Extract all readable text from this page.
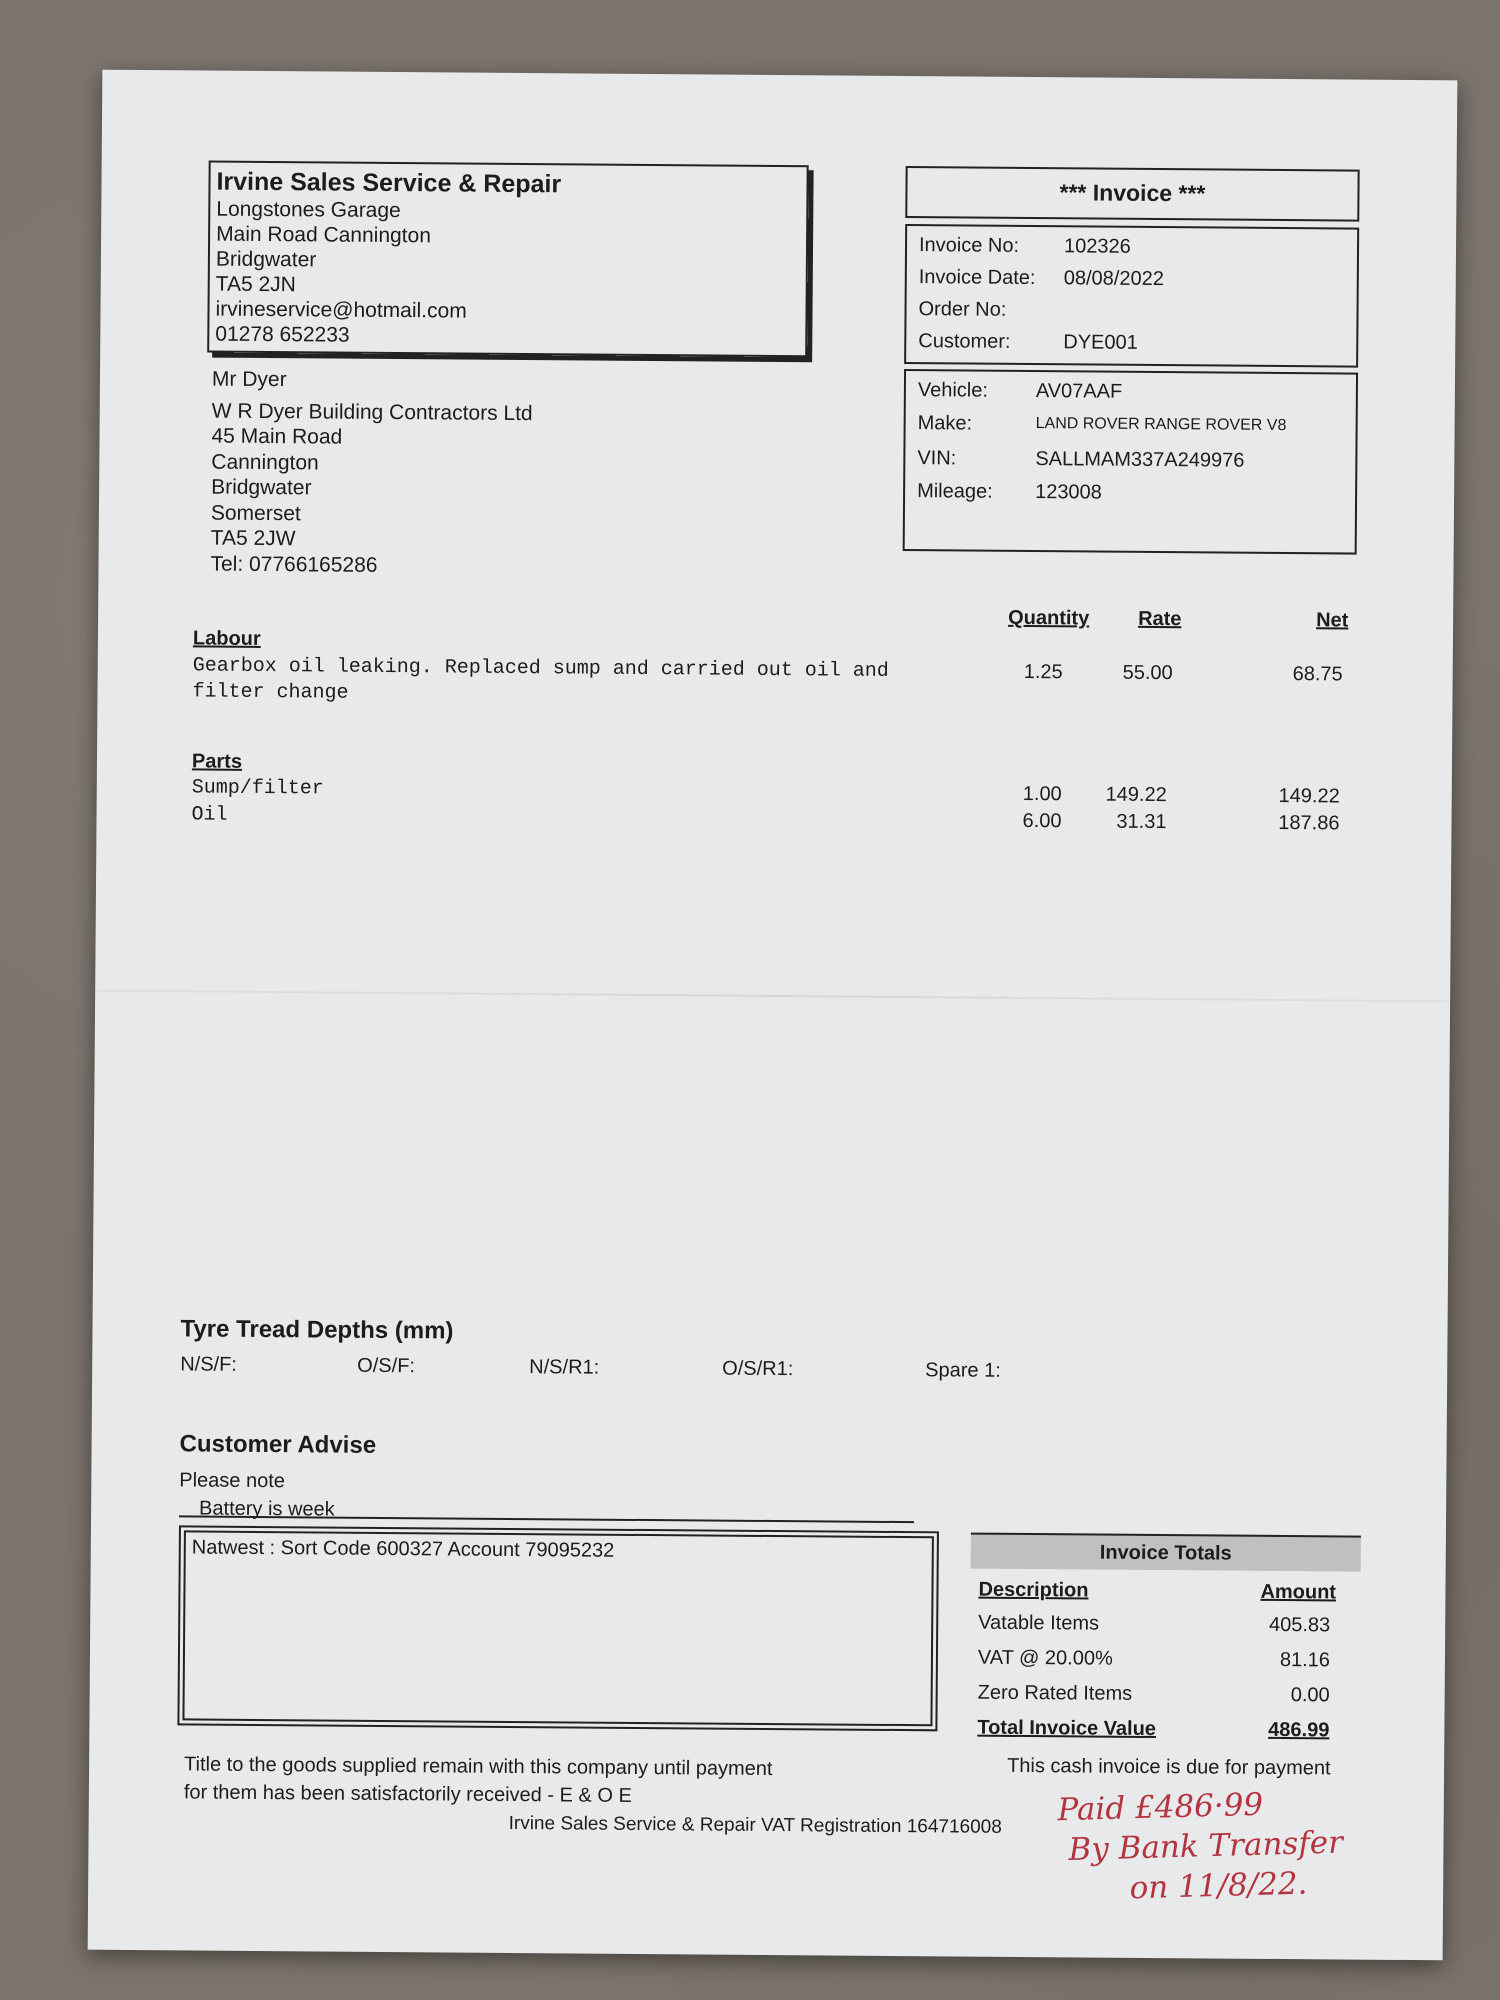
Irvine Sales Service & Repair
Longstones Garage
Main Road Cannington
Bridgwater
TA5 2JN
irvineservice@hotmail.com
01278 652233
*** Invoice ***
Invoice No: 102326
Invoice Date: 08/08/2022
Order No:
Customer:	DYE001
Vehicle: AV07AAF
Make:	LAND ROVER RANGE ROVER V8
VIN:	SALLMAM337A249976
Mileage: 123008
Mr Dyer
W R Dyer Building Contractors Ltd
45 Main Road
Cannington
Bridgwater
Somerset
TA5 2JW
Tel: 07766165286
Quantity Rate	Net
Labour
Gearbox oil leaking. Replaced sump and carried out oil and
filter change
1.25	55.00	68.75
Parts
Sump/filter	1.00	149.22	149.22
Oil	6.00	31.31	187.86
Tyre Tread Depths (mm)
N/S/F:	O/S/F:	N/S/R1:	O/S/R1:	Spare 1:
Customer Advise
Please note
Battery is week
Natwest : Sort Code 600327 Account 79095232	Invoice Totals
Description	Amount
Vatable Items	405.83
VAT @ 20.00%	81.16
Zero Rated Items	0.00
Total Invoice Value	486.99
Title to the goods supplied remain with this company until payment
for them has been satisfactorily received - E & O E
This cash invoice is due for payment
Irvine Sales Service & Repair VAT Registration 164716008 Paid £486·99
By Bank Transfer
on 11/8/22.
